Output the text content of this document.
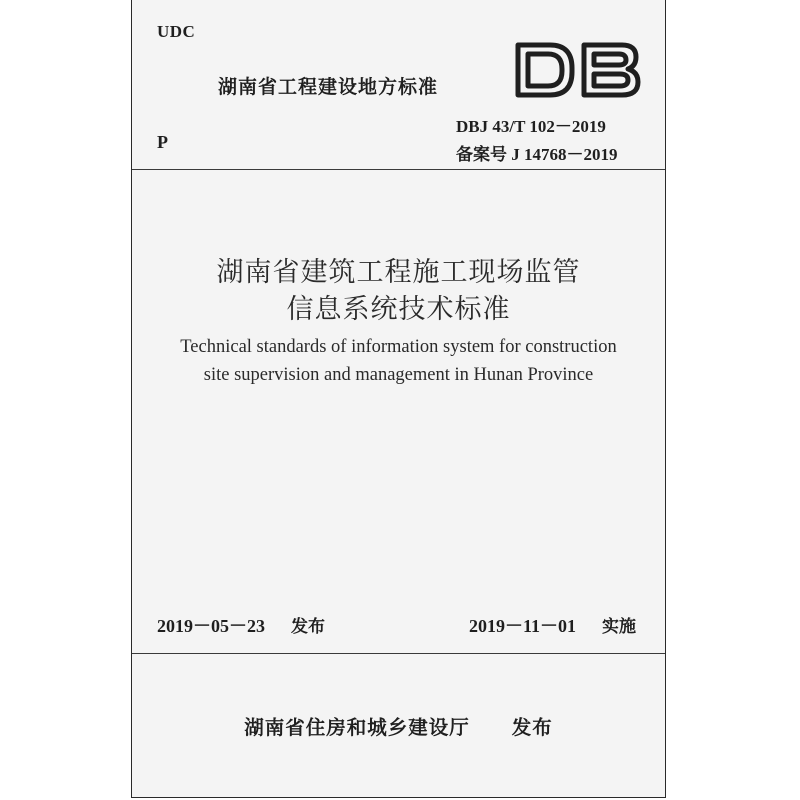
UDC
湖南省工程建设地方标准
DB
P
DBJ 43/T 102－2019
备案号 J 14768－2019
湖南省建筑工程施工现场监管
信息系统技术标准
Technical standards of information system for construction
site supervision and management in Hunan Province
2019－05－23 发布	2019－11－01 实施
湖南省住房和城乡建设厅 发布
